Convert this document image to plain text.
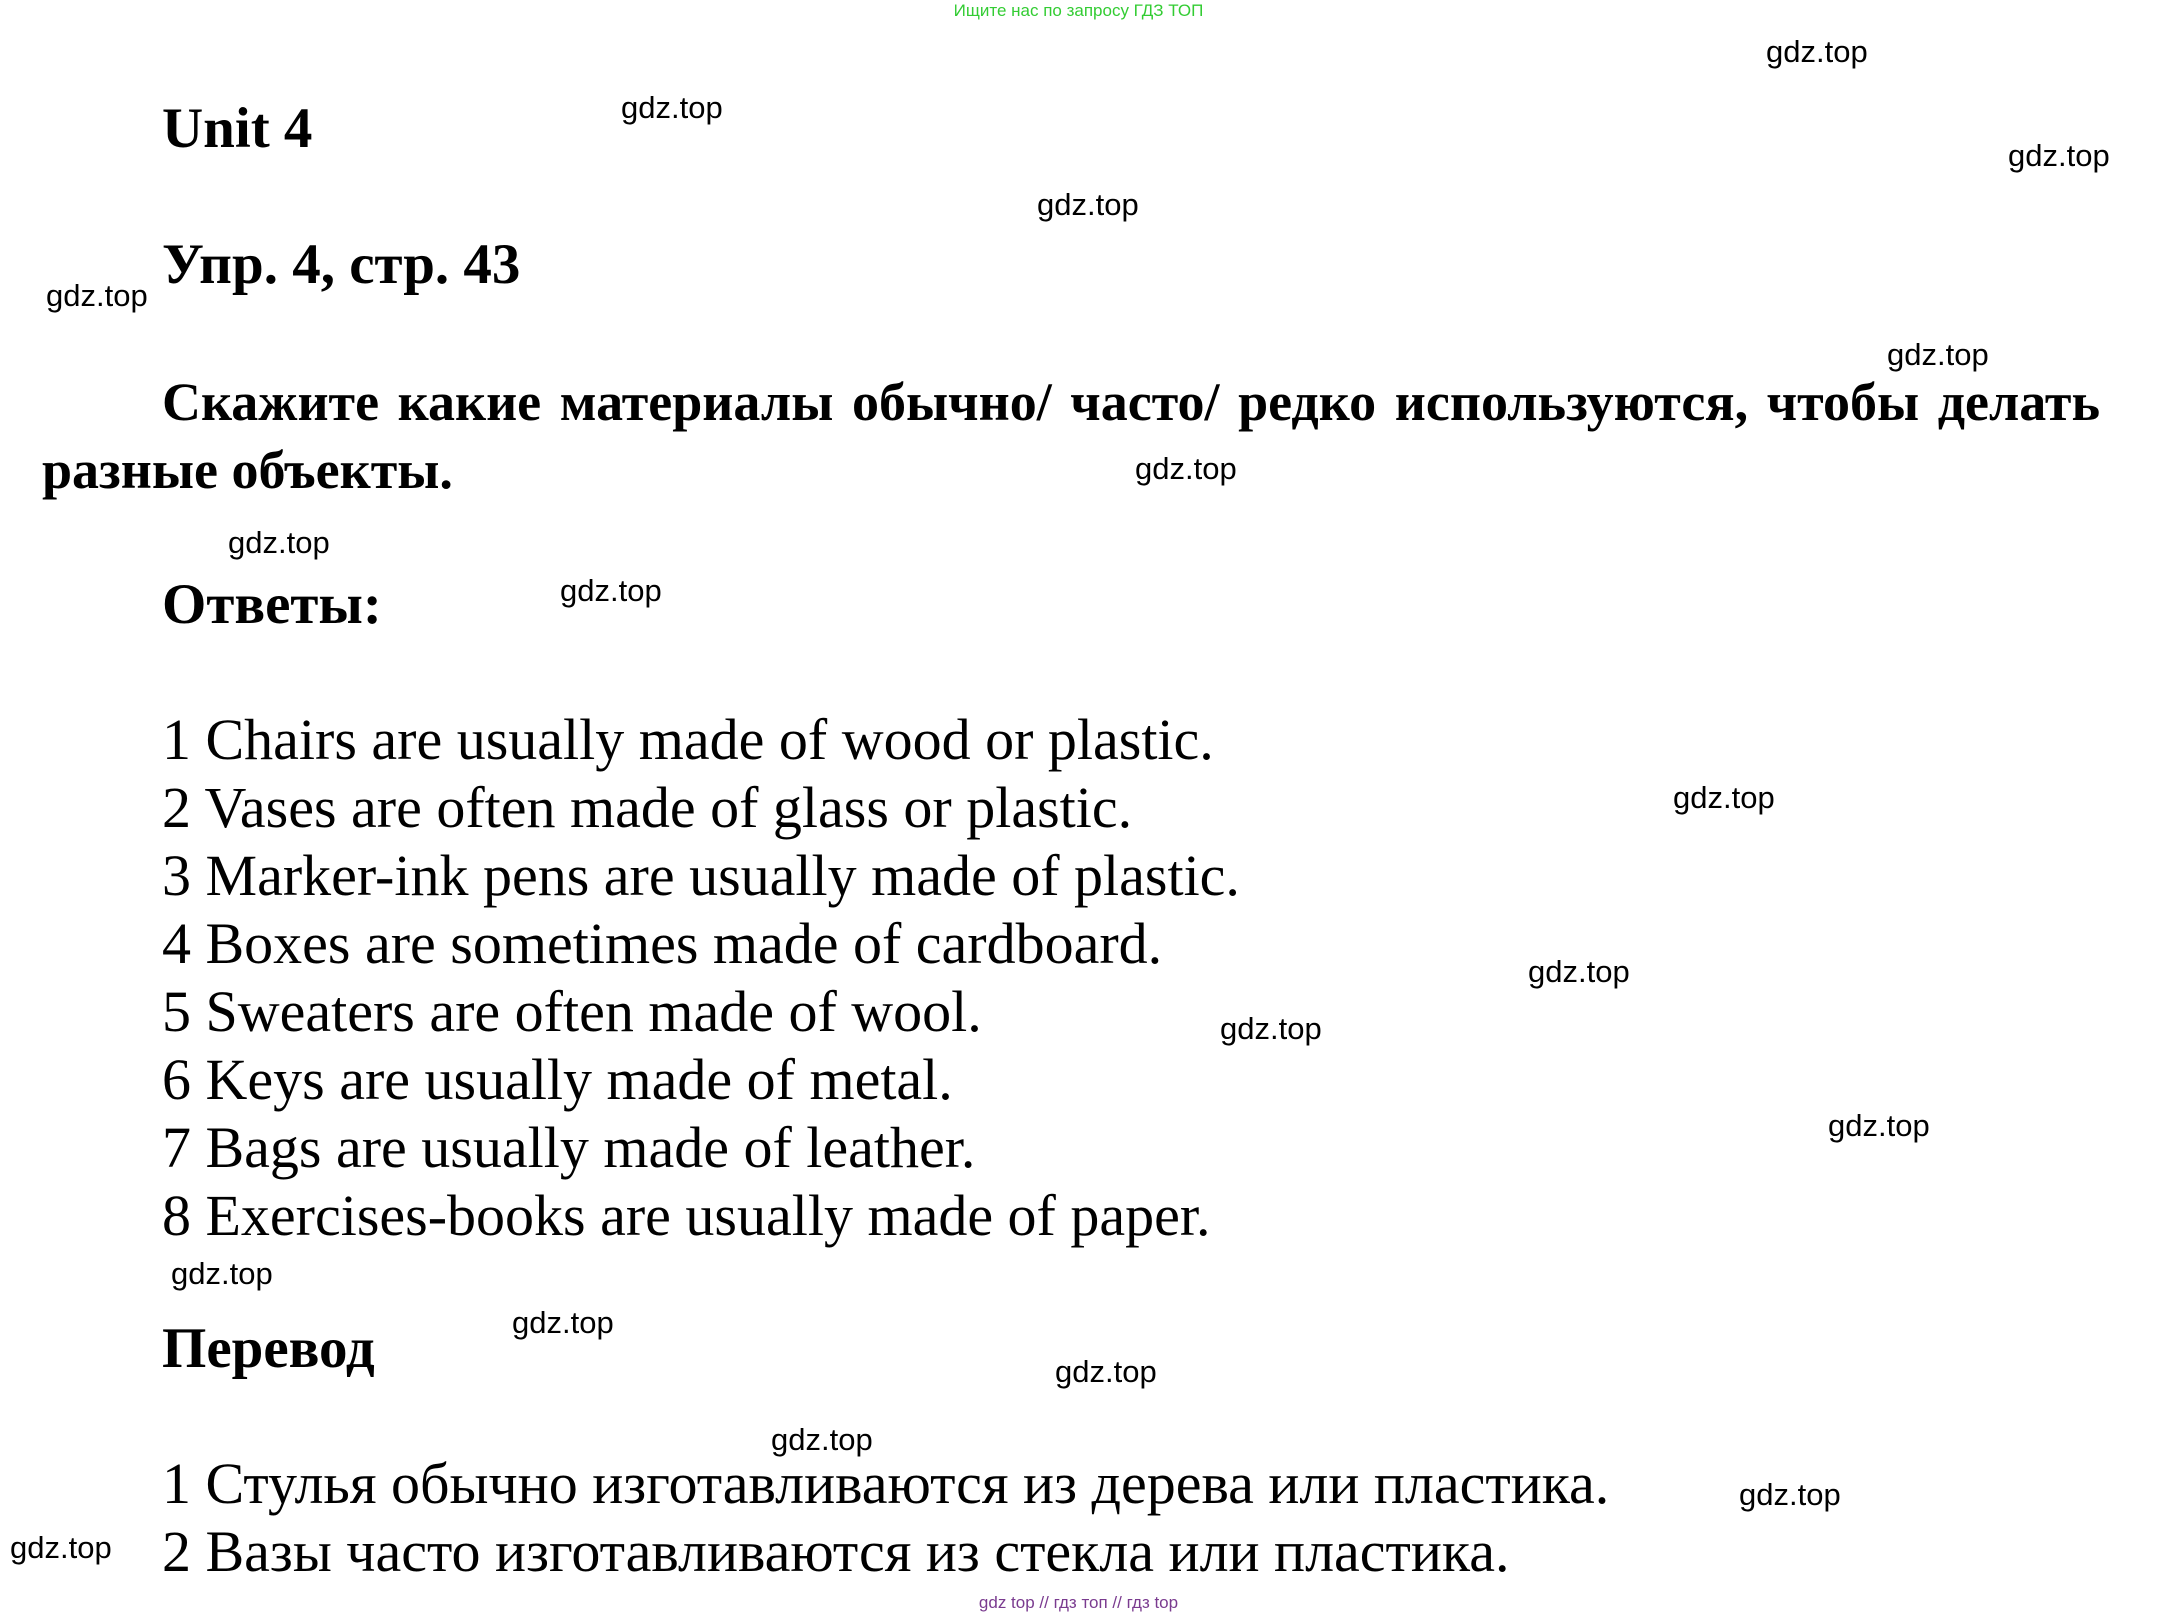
Ищите нас по запросу ГДЗ ТОП
Unit 4
Упр. 4, стр. 43
Скажите какие материалы обычно/ часто/ редко используются, чтобы делать разные объекты.
Ответы:
1 Chairs are usually made of wood or plastic.
2 Vases are often made of glass or plastic.
3 Marker-ink pens are usually made of plastic.
4 Boxes are sometimes made of cardboard.
5 Sweaters are often made of wool.
6 Keys are usually made of metal.
7 Bags are usually made of leather.
8 Exercises-books are usually made of paper.
Перевод
1 Стулья обычно изготавливаются из дерева или пластика.
2 Вазы часто изготавливаются из стекла или пластика.
gdz.top
gdz.top
gdz.top
gdz.top
gdz.top
gdz.top
gdz.top
gdz.top
gdz.top
gdz.top
gdz.top
gdz.top
gdz.top
gdz.top
gdz.top
gdz.top
gdz.top
gdz.top
gdz.top
gdz top // гдз топ // гдз top
